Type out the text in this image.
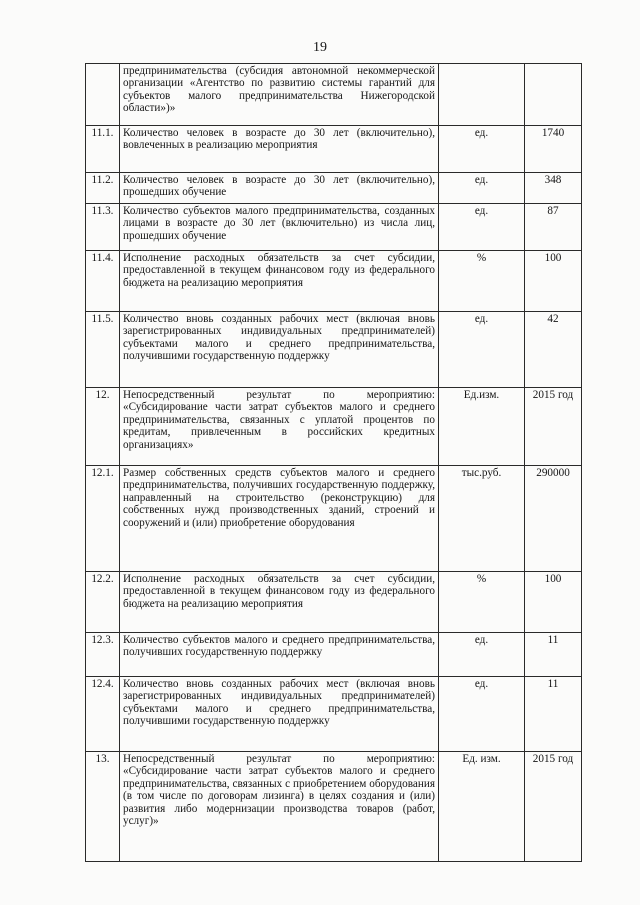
19
	предпринимательства (субсидия автономной некоммерческой организации «Агентство по развитию системы гарантий для субъектов малого предпринимательства Нижегородской области»)»		
11.1.	Количество человек в возрасте до 30 лет (включительно), вовлеченных в реализацию мероприятия	ед.	1740
11.2.	Количество человек в возрасте до 30 лет (включительно), прошедших обучение	ед.	348
11.3.	Количество субъектов малого предпринимательства, созданных лицами в возрасте до 30 лет (включительно) из числа лиц, прошедших обучение	ед.	87
11.4.	Исполнение расходных обязательств за счет субсидии, предоставленной в текущем финансовом году из федерального бюджета на реализацию мероприятия	%	100
11.5.	Количество вновь созданных рабочих мест (включая вновь зарегистрированных индивидуальных предпринимателей) субъектами малого и среднего предпринимательства, получившими государственную поддержку	ед.	42
12.	Непосредственный результат по мероприятию: «Субсидирование части затрат субъектов малого и среднего предпринимательства, связанных с уплатой процентов по кредитам, привлеченным в российских кредитных организациях»	Ед.изм.	2015 год
12.1.	Размер собственных средств субъектов малого и среднего предпринимательства, получивших государственную поддержку, направленный на строительство (реконструкцию) для собственных нужд производственных зданий, строений и сооружений и (или) приобретение оборудования	тыс.руб.	290000
12.2.	Исполнение расходных обязательств за счет субсидии, предоставленной в текущем финансовом году из федерального бюджета на реализацию мероприятия	%	100
12.3.	Количество субъектов малого и среднего предпринимательства, получивших государственную поддержку	ед.	11
12.4.	Количество вновь созданных рабочих мест (включая вновь зарегистрированных индивидуальных предпринимателей) субъектами малого и среднего предпринимательства, получившими государственную поддержку	ед.	11
13.	Непосредственный результат по мероприятию: «Субсидирование части затрат субъектов малого и среднего предпринимательства, связанных с приобретением оборудования (в том числе по договорам лизинга) в целях создания и (или) развития либо модернизации производства товаров (работ, услуг)»	Ед. изм.	2015 год
